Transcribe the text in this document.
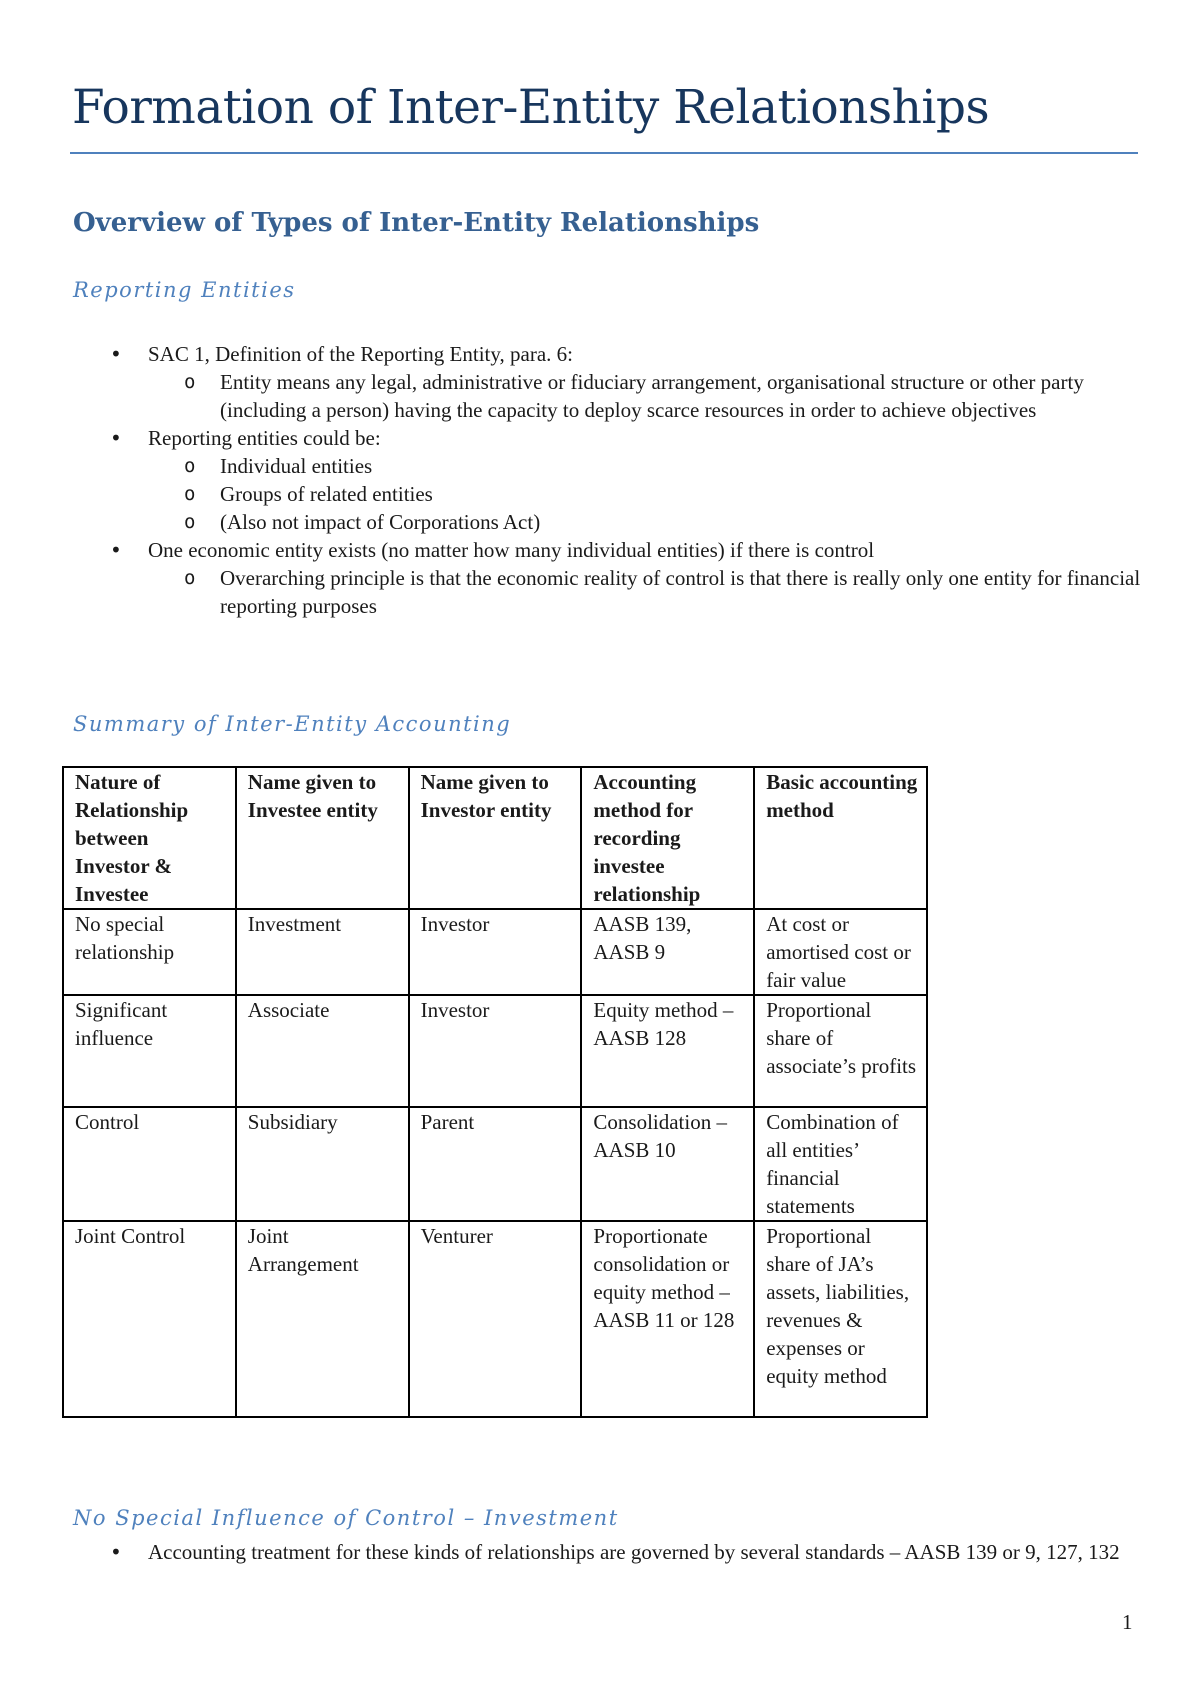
Formation of Inter-Entity Relationships
Overview of Types of Inter-Entity Relationships
Reporting Entities
• SAC 1, Definition of the Reporting Entity, para. 6:
o Entity means any legal, administrative or fiduciary arrangement, organisational structure or other party (including a person) having the capacity to deploy scarce resources in order to achieve objectives
• Reporting entities could be:
o Individual entities
o Groups of related entities
o (Also not impact of Corporations Act)
• One economic entity exists (no matter how many individual entities) if there is control
o Overarching principle is that the economic reality of control is that there is really only one entity for financial reporting purposes
Summary of Inter-Entity Accounting
Nature of Relationship between Investor & Investee	Name given to Investee entity	Name given to Investor entity	Accounting method for recording investee relationship	Basic accounting method
No special relationship	Investment	Investor	AASB 139, AASB 9	At cost or amortised cost or fair value
Significant influence	Associate	Investor	Equity method – AASB 128	Proportional share of associate’s profits
Control	Subsidiary	Parent	Consolidation – AASB 10	Combination of all entities’ financial statements
Joint Control	Joint Arrangement	Venturer	Proportionate consolidation or equity method – AASB 11 or 128	Proportional share of JA’s assets, liabilities, revenues & expenses or equity method
No Special Influence of Control – Investment
• Accounting treatment for these kinds of relationships are governed by several standards – AASB 139 or 9, 127, 132
1
